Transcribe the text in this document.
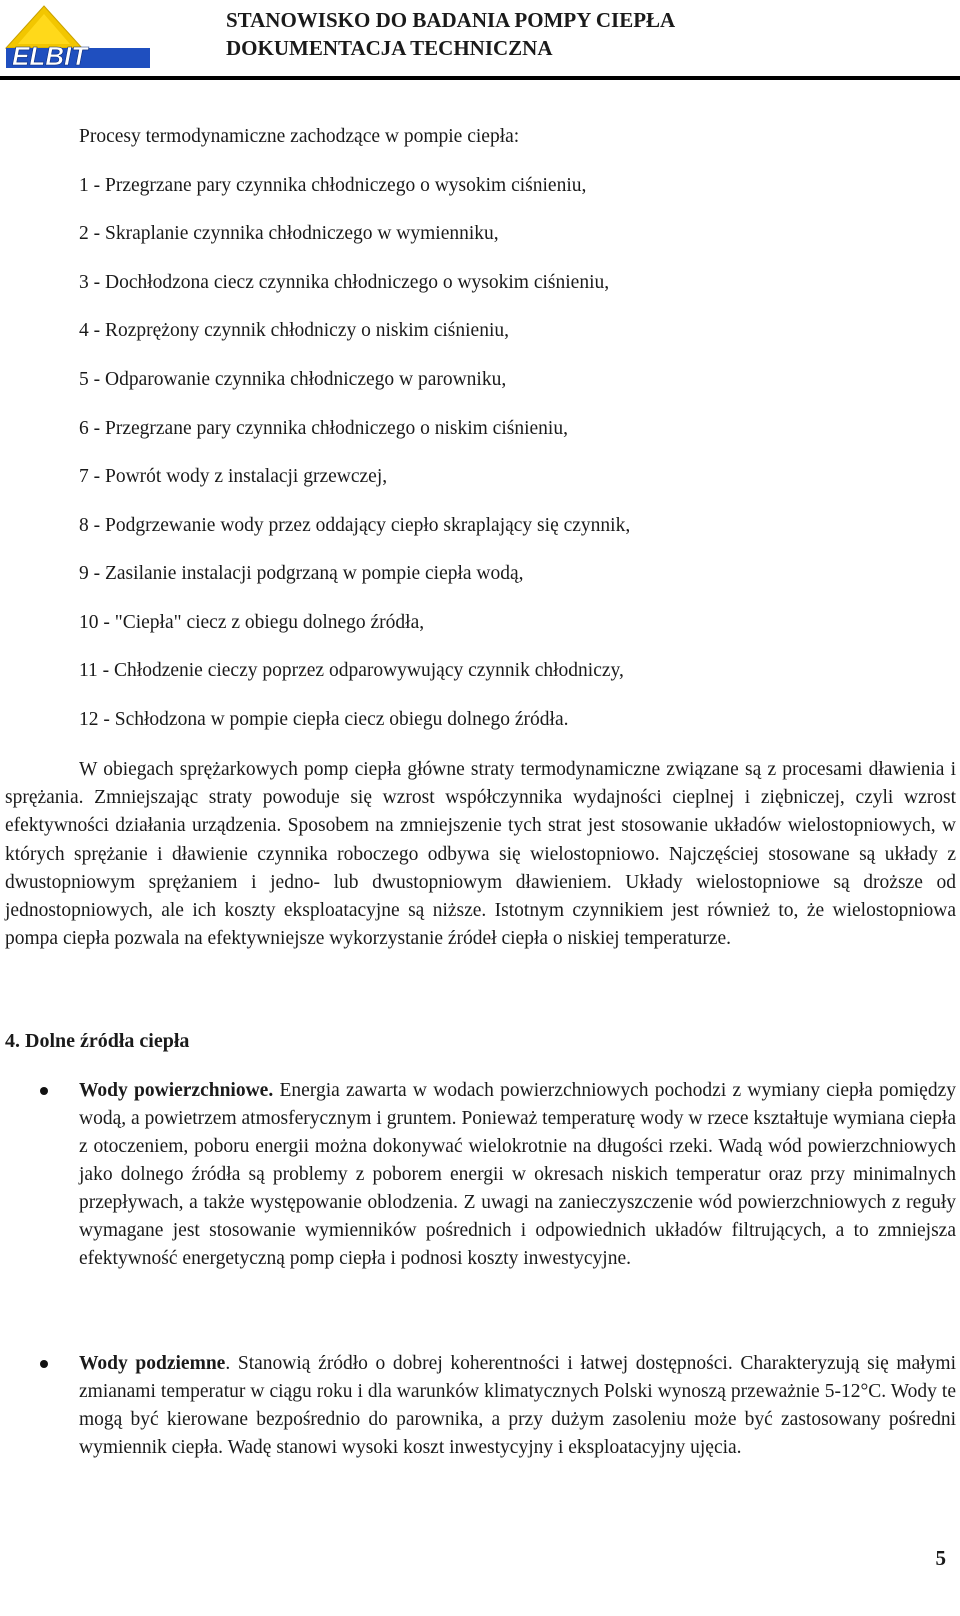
ELBIT
STANOWISKO DO BADANIA POMPY CIEPŁA
DOKUMENTACJA TECHNICZNA
Procesy termodynamiczne zachodzące w pompie ciepła:
1 - Przegrzane pary czynnika chłodniczego o wysokim ciśnieniu,
2 - Skraplanie czynnika chłodniczego w wymienniku,
3 - Dochłodzona ciecz czynnika chłodniczego o wysokim ciśnieniu,
4 - Rozprężony czynnik chłodniczy o niskim ciśnieniu,
5 - Odparowanie czynnika chłodniczego w parowniku,
6 - Przegrzane pary czynnika chłodniczego o niskim ciśnieniu,
7 - Powrót wody z instalacji grzewczej,
8 - Podgrzewanie wody przez oddający ciepło skraplający się czynnik,
9 - Zasilanie instalacji podgrzaną w pompie ciepła wodą,
10 - "Ciepła" ciecz z obiegu dolnego źródła,
11 - Chłodzenie cieczy poprzez odparowywujący czynnik chłodniczy,
12 - Schłodzona w pompie ciepła ciecz obiegu dolnego źródła.
W obiegach sprężarkowych pomp ciepła główne straty termodynamiczne związane są z procesami dławienia i sprężania. Zmniejszając straty powoduje się wzrost współczynnika wydajności cieplnej i ziębniczej, czyli wzrost efektywności działania urządzenia. Sposobem na zmniejszenie tych strat jest stosowanie układów wielostopniowych, w których sprężanie i dławienie czynnika roboczego odbywa się wielostopniowo. Najczęściej stosowane są układy z dwustopniowym sprężaniem i jedno- lub dwustopniowym dławieniem. Układy wielostopniowe są droższe od jednostopniowych, ale ich koszty eksploatacyjne są niższe. Istotnym czynnikiem jest również to, że wielostopniowa pompa ciepła pozwala na efektywniejsze wykorzystanie źródeł ciepła o niskiej temperaturze.
4. Dolne źródła ciepła
Wody powierzchniowe. Energia zawarta w wodach powierzchniowych pochodzi z wymiany ciepła pomiędzy wodą, a powietrzem atmosferycznym i gruntem. Ponieważ temperaturę wody w rzece kształtuje wymiana ciepła z otoczeniem, poboru energii można dokonywać wielokrotnie na długości rzeki. Wadą wód powierzchniowych jako dolnego źródła są problemy z poborem energii w okresach niskich temperatur oraz przy minimalnych przepływach, a także występowanie oblodzenia. Z uwagi na zanieczyszczenie wód powierzchniowych z reguły wymagane jest stosowanie wymienników pośrednich i odpowiednich układów filtrujących, a to zmniejsza efektywność energetyczną pomp ciepła i podnosi koszty inwestycyjne.
Wody podziemne. Stanowią źródło o dobrej koherentności i łatwej dostępności. Charakteryzują się małymi zmianami temperatur w ciągu roku i dla warunków klimatycznych Polski wynoszą przeważnie 5-12°C. Wody te mogą być kierowane bezpośrednio do parownika, a przy dużym zasoleniu może być zastosowany pośredni wymiennik ciepła. Wadę stanowi wysoki koszt inwestycyjny i eksploatacyjny ujęcia.
5
